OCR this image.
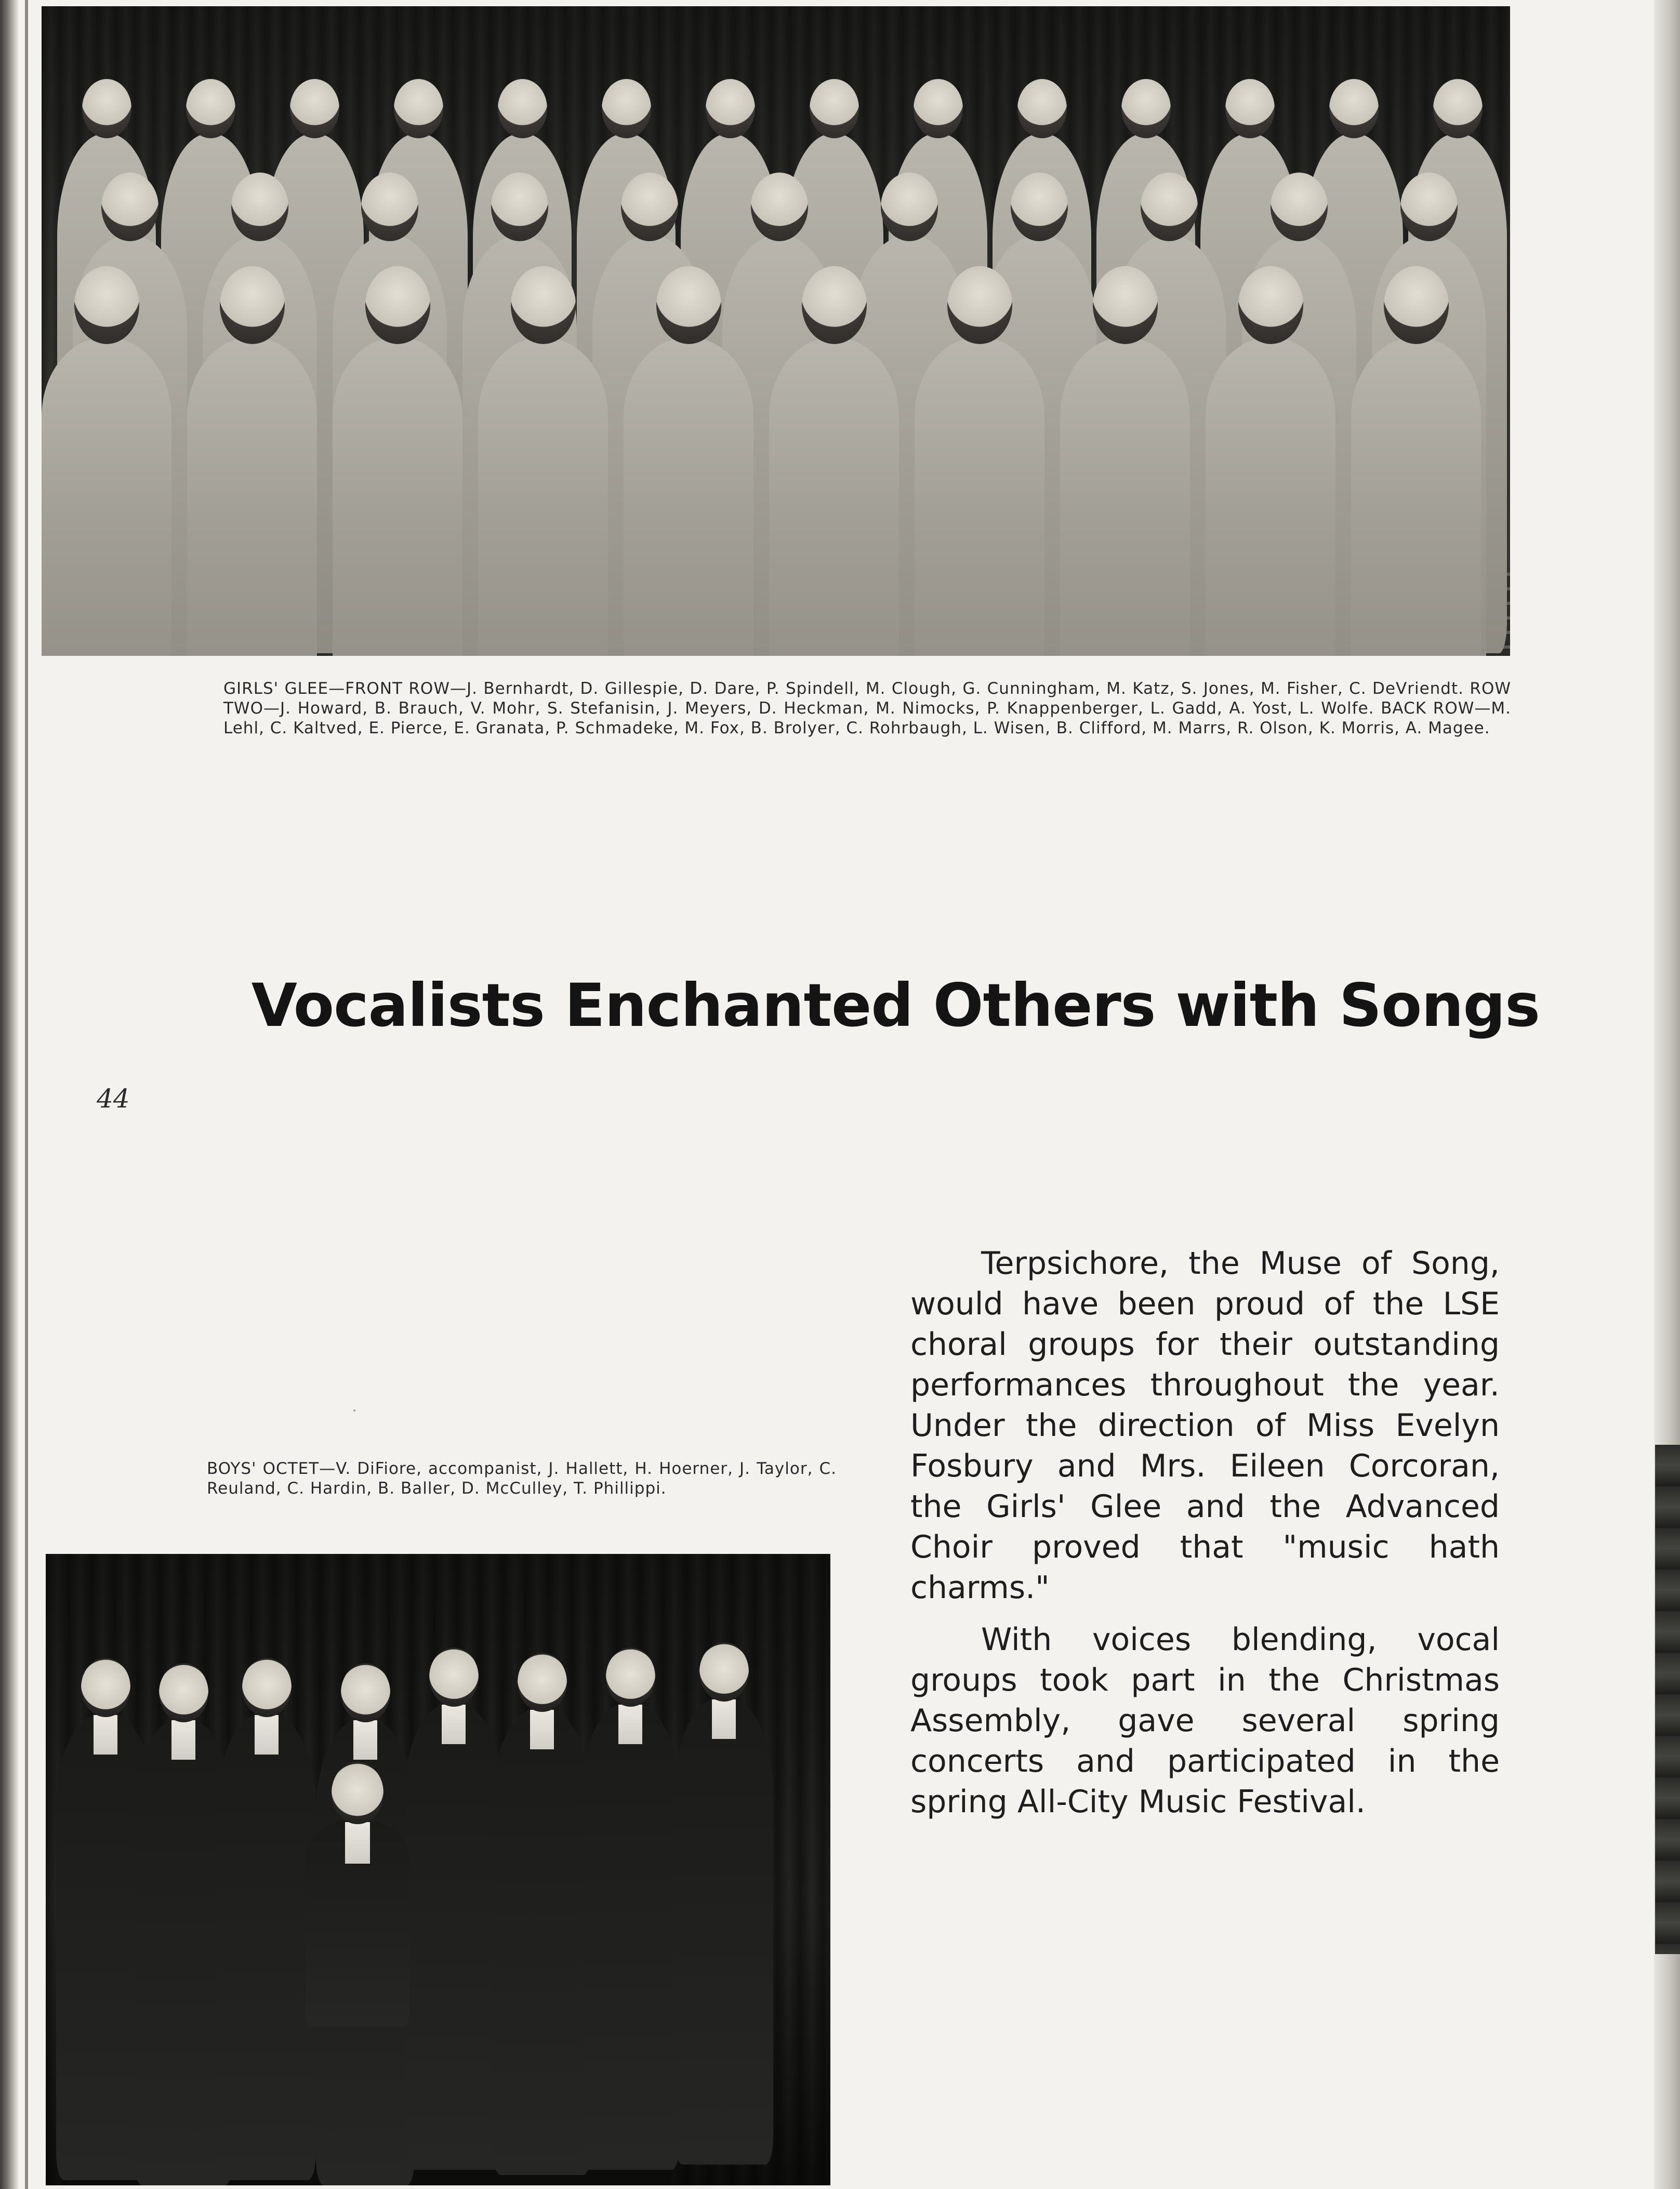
GIRLS' GLEE—FRONT ROW—J. Bernhardt, D. Gillespie, D. Dare, P. Spindell, M. Clough, G. Cunningham, M. Katz, S. Jones, M. Fisher, C. DeVriendt. ROW TWO—J. Howard, B. Brauch, V. Mohr, S. Stefanisin, J. Meyers, D. Heckman, M. Nimocks, P. Knappenberger, L. Gadd, A. Yost, L. Wolfe. BACK ROW—M. Lehl, C. Kaltved, E. Pierce, E. Granata, P. Schmadeke, M. Fox, B. Brolyer, C. Rohrbaugh, L. Wisen, B. Clifford, M. Marrs, R. Olson, K. Morris, A. Magee.

Vocalists Enchanted Others with Songs

44

BOYS' OCTET—V. DiFiore, accompanist, J. Hallett, H. Hoerner, J. Taylor, C. Reuland, C. Hardin, B. Baller, D. McCulley, T. Phillippi.

Terpsichore, the Muse of Song, would have been proud of the LSE choral groups for their outstanding performances throughout the year. Under the direction of Miss Evelyn Fosbury and Mrs. Eileen Corcoran, the Girls' Glee and the Advanced Choir proved that "music hath charms."

With voices blending, vocal groups took part in the Christmas Assembly, gave several spring concerts and participated in the spring All-City Music Festival.
